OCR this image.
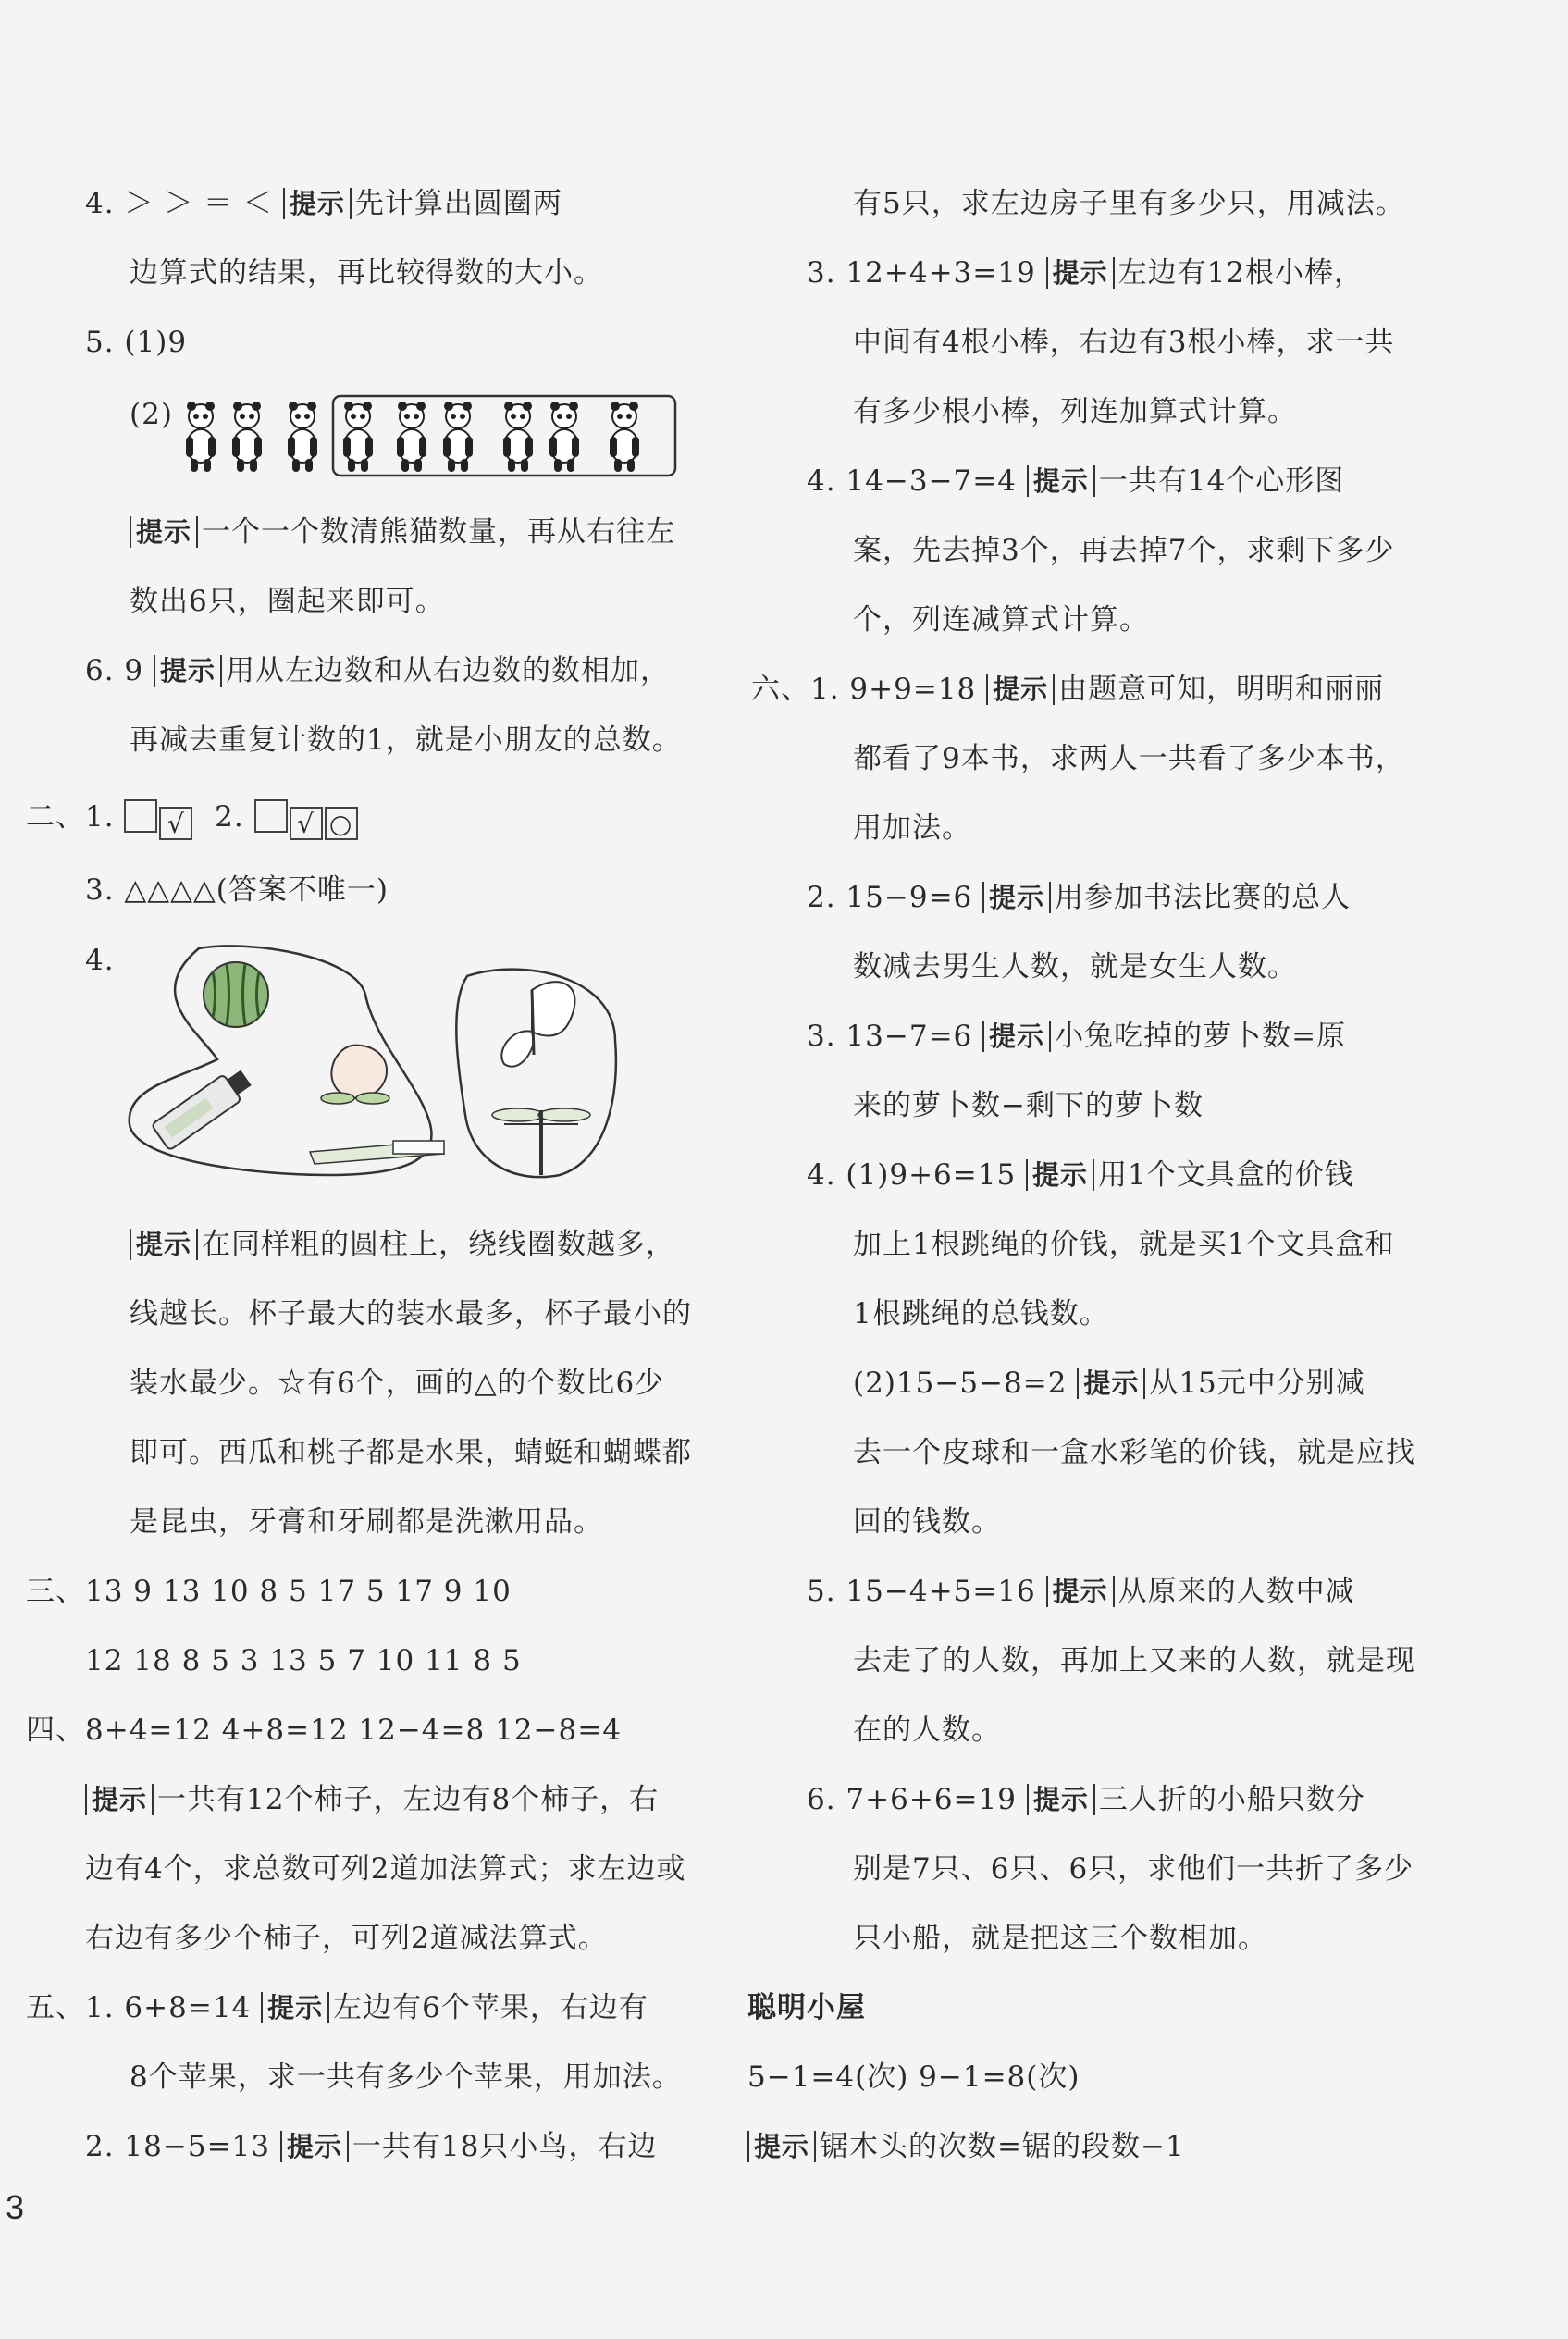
4. ＞ ＞ ＝ ＜ 提示 先计算出圆圈两
边算式的结果，再比较得数的大小。
5. (1)9
(2)
提示 一个一个数清熊猫数量，再从右往左
数出6只，圈起来即可。
6. 9 提示 用从左边数和从右边数的数相加，
再减去重复计数的1，就是小朋友的总数。
二、1. √ 2. √ ○
3. △△△△(答案不唯一)
4.
提示 在同样粗的圆柱上，绕线圈数越多，
线越长。杯子最大的装水最多，杯子最小的
装水最少。☆有6个，画的△的个数比6少
即可。西瓜和桃子都是水果，蜻蜓和蝴蝶都
是昆虫，牙膏和牙刷都是洗漱用品。
三、13 9 13 10 8 5 17 5 17 9 10
12 18 8 5 3 13 5 7 10 11 8 5
四、8+4=12 4+8=12 12−4=8 12−8=4
提示 一共有12个柿子，左边有8个柿子，右
边有4个，求总数可列2道加法算式；求左边或
右边有多少个柿子，可列2道减法算式。
五、1. 6+8=14 提示 左边有6个苹果，右边有
8个苹果，求一共有多少个苹果，用加法。
2. 18−5=13 提示 一共有18只小鸟，右边
有5只，求左边房子里有多少只，用减法。
3. 12+4+3=19 提示 左边有12根小棒，
中间有4根小棒，右边有3根小棒，求一共
有多少根小棒，列连加算式计算。
4. 14−3−7=4 提示 一共有14个心形图
案，先去掉3个，再去掉7个，求剩下多少
个，列连减算式计算。
六、1. 9+9=18 提示 由题意可知，明明和丽丽
都看了9本书，求两人一共看了多少本书，
用加法。
2. 15−9=6 提示 用参加书法比赛的总人
数减去男生人数，就是女生人数。
3. 13−7=6 提示 小兔吃掉的萝卜数=原
来的萝卜数−剩下的萝卜数
4. (1)9+6=15 提示 用1个文具盒的价钱
加上1根跳绳的价钱，就是买1个文具盒和
1根跳绳的总钱数。
(2)15−5−8=2 提示 从15元中分别减
去一个皮球和一盒水彩笔的价钱，就是应找
回的钱数。
5. 15−4+5=16 提示 从原来的人数中减
去走了的人数，再加上又来的人数，就是现
在的人数。
6. 7+6+6=19 提示 三人折的小船只数分
别是7只、6只、6只，求他们一共折了多少
只小船，就是把这三个数相加。
聪明小屋
5−1=4(次) 9−1=8(次)
提示 锯木头的次数=锯的段数−1
3
